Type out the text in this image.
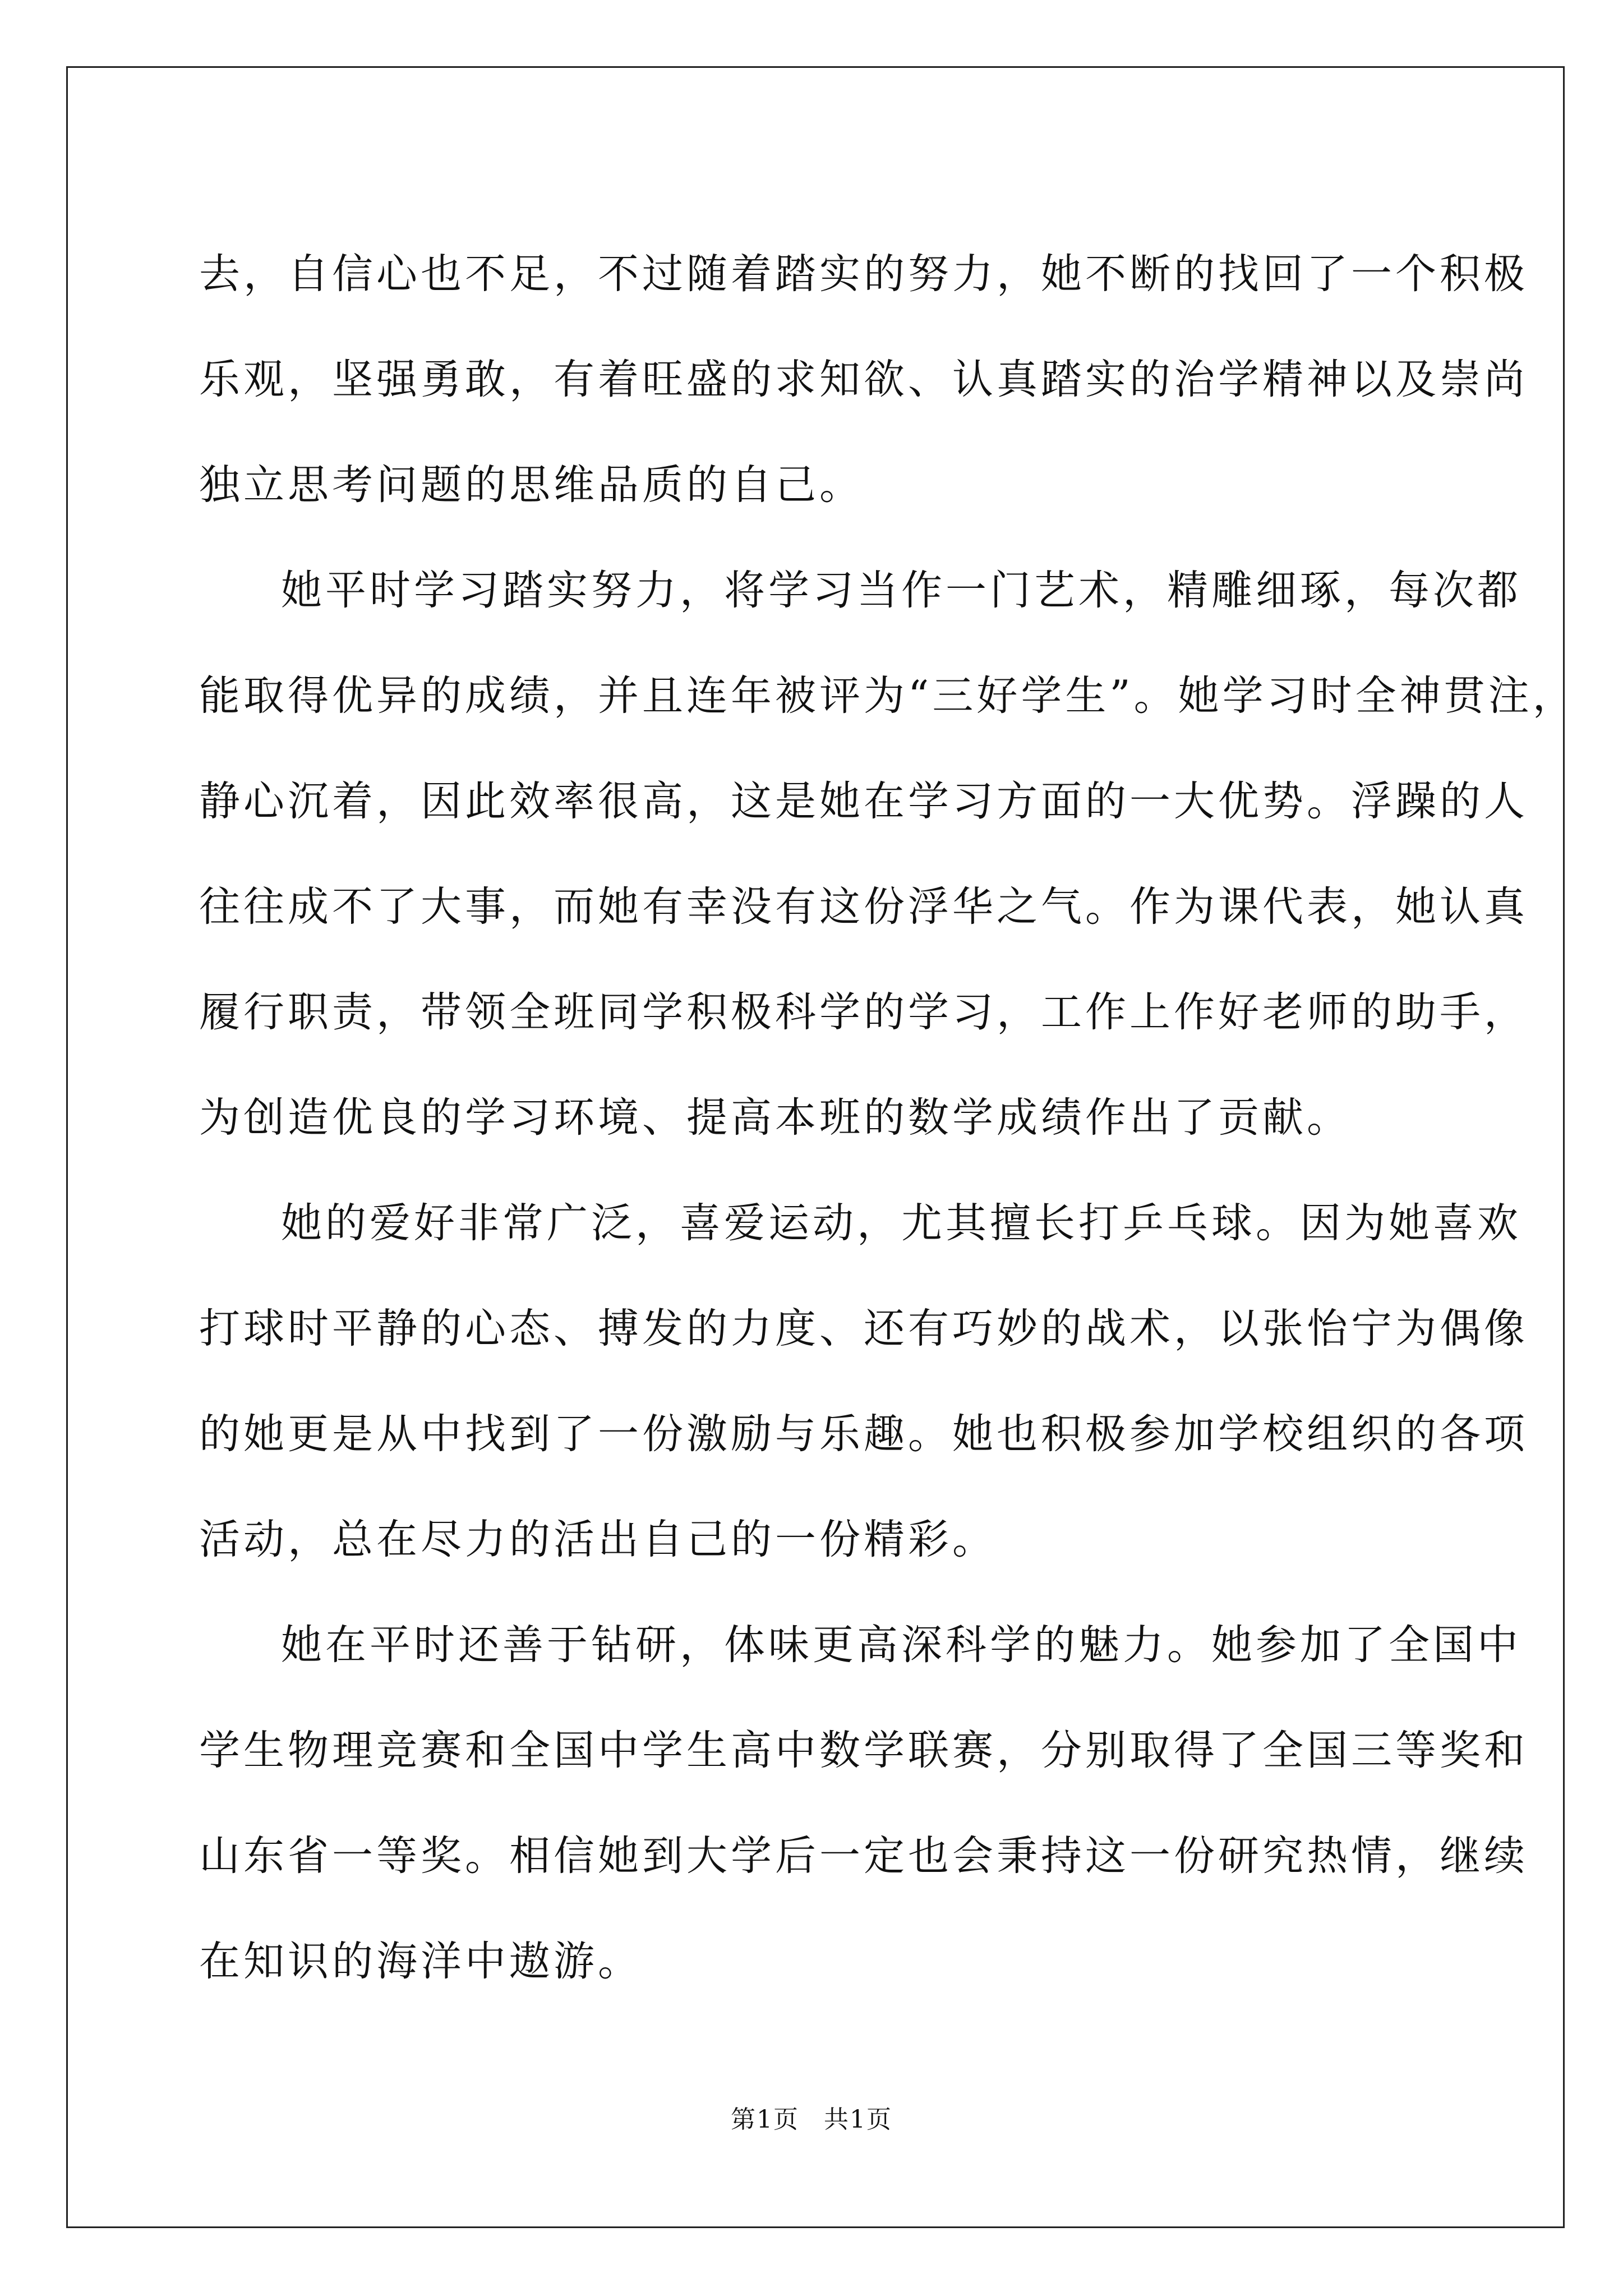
去，自信心也不足，不过随着踏实的努力，她不断的找回了一个积极
乐观，坚强勇敢，有着旺盛的求知欲、认真踏实的治学精神以及崇尚
独立思考问题的思维品质的自己。
她平时学习踏实努力，将学习当作一门艺术，精雕细琢，每次都
能取得优异的成绩，并且连年被评为“三好学生”。她学习时全神贯注，
静心沉着，因此效率很高，这是她在学习方面的一大优势。浮躁的人
往往成不了大事，而她有幸没有这份浮华之气。作为课代表，她认真
履行职责，带领全班同学积极科学的学习，工作上作好老师的助手，
为创造优良的学习环境、提高本班的数学成绩作出了贡献。
她的爱好非常广泛，喜爱运动，尤其擅长打乒乓球。因为她喜欢
打球时平静的心态、搏发的力度、还有巧妙的战术，以张怡宁为偶像
的她更是从中找到了一份激励与乐趣。她也积极参加学校组织的各项
活动，总在尽力的活出自己的一份精彩。
她在平时还善于钻研，体味更高深科学的魅力。她参加了全国中
学生物理竞赛和全国中学生高中数学联赛，分别取得了全国三等奖和
山东省一等奖。相信她到大学后一定也会秉持这一份研究热情，继续
在知识的海洋中遨游。
第1页 共1页
